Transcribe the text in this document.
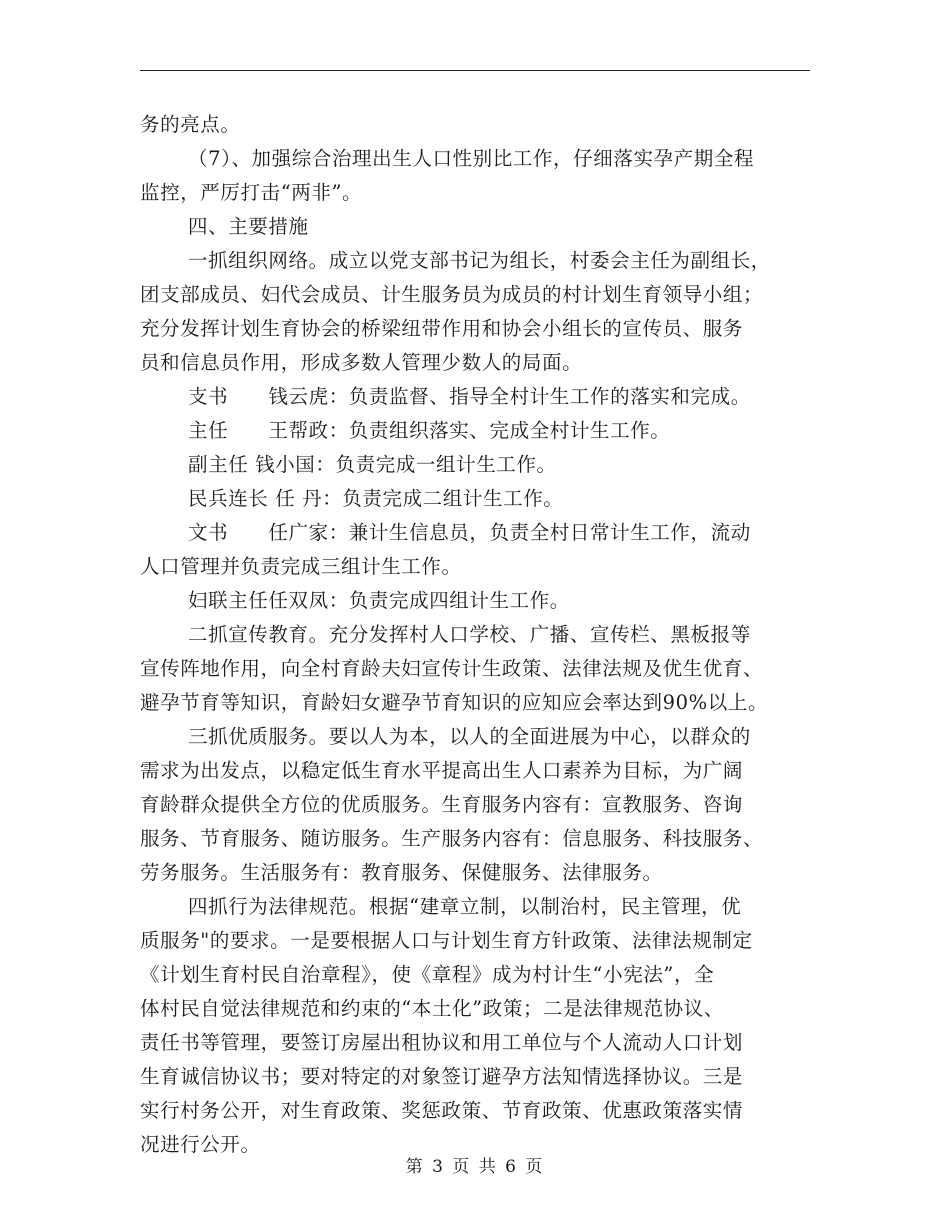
务的亮点。
（7）、加强综合治理出生人口性别比工作，仔细落实孕产期全程
监控，严厉打击“两非”。
四、主要措施
一抓组织网络。成立以党支部书记为组长，村委会主任为副组长，
团支部成员、妇代会成员、计生服务员为成员的村计划生育领导小组；
充分发挥计划生育协会的桥梁纽带作用和协会小组长的宣传员、服务
员和信息员作用，形成多数人管理少数人的局面。
支书　　钱云虎：负责监督、指导全村计生工作的落实和完成。
主任　　王帮政：负责组织落实、完成全村计生工作。
副主任 钱小国：负责完成一组计生工作。
民兵连长 任 丹：负责完成二组计生工作。
文书　　任广家：兼计生信息员，负责全村日常计生工作，流动
人口管理并负责完成三组计生工作。
妇联主任任双凤：负责完成四组计生工作。
二抓宣传教育。充分发挥村人口学校、广播、宣传栏、黑板报等
宣传阵地作用，向全村育龄夫妇宣传计生政策、法律法规及优生优育、
避孕节育等知识，育龄妇女避孕节育知识的应知应会率达到90%以上。
三抓优质服务。要以人为本，以人的全面进展为中心，以群众的
需求为出发点，以稳定低生育水平提高出生人口素养为目标，为广阔
育龄群众提供全方位的优质服务。生育服务内容有：宣教服务、咨询
服务、节育服务、随访服务。生产服务内容有：信息服务、科技服务、
劳务服务。生活服务有：教育服务、保健服务、法律服务。
四抓行为法律规范。根据“建章立制，以制治村，民主管理，优
质服务"的要求。一是要根据人口与计划生育方针政策、法律法规制定
《计划生育村民自治章程》，使《章程》成为村计生“小宪法”，全
体村民自觉法律规范和约束的“本土化”政策；二是法律规范协议、
责任书等管理，要签订房屋出租协议和用工单位与个人流动人口计划
生育诚信协议书；要对特定的对象签订避孕方法知情选择协议。三是
实行村务公开，对生育政策、奖惩政策、节育政策、优惠政策落实情
况进行公开。
第 3 页 共 6 页
